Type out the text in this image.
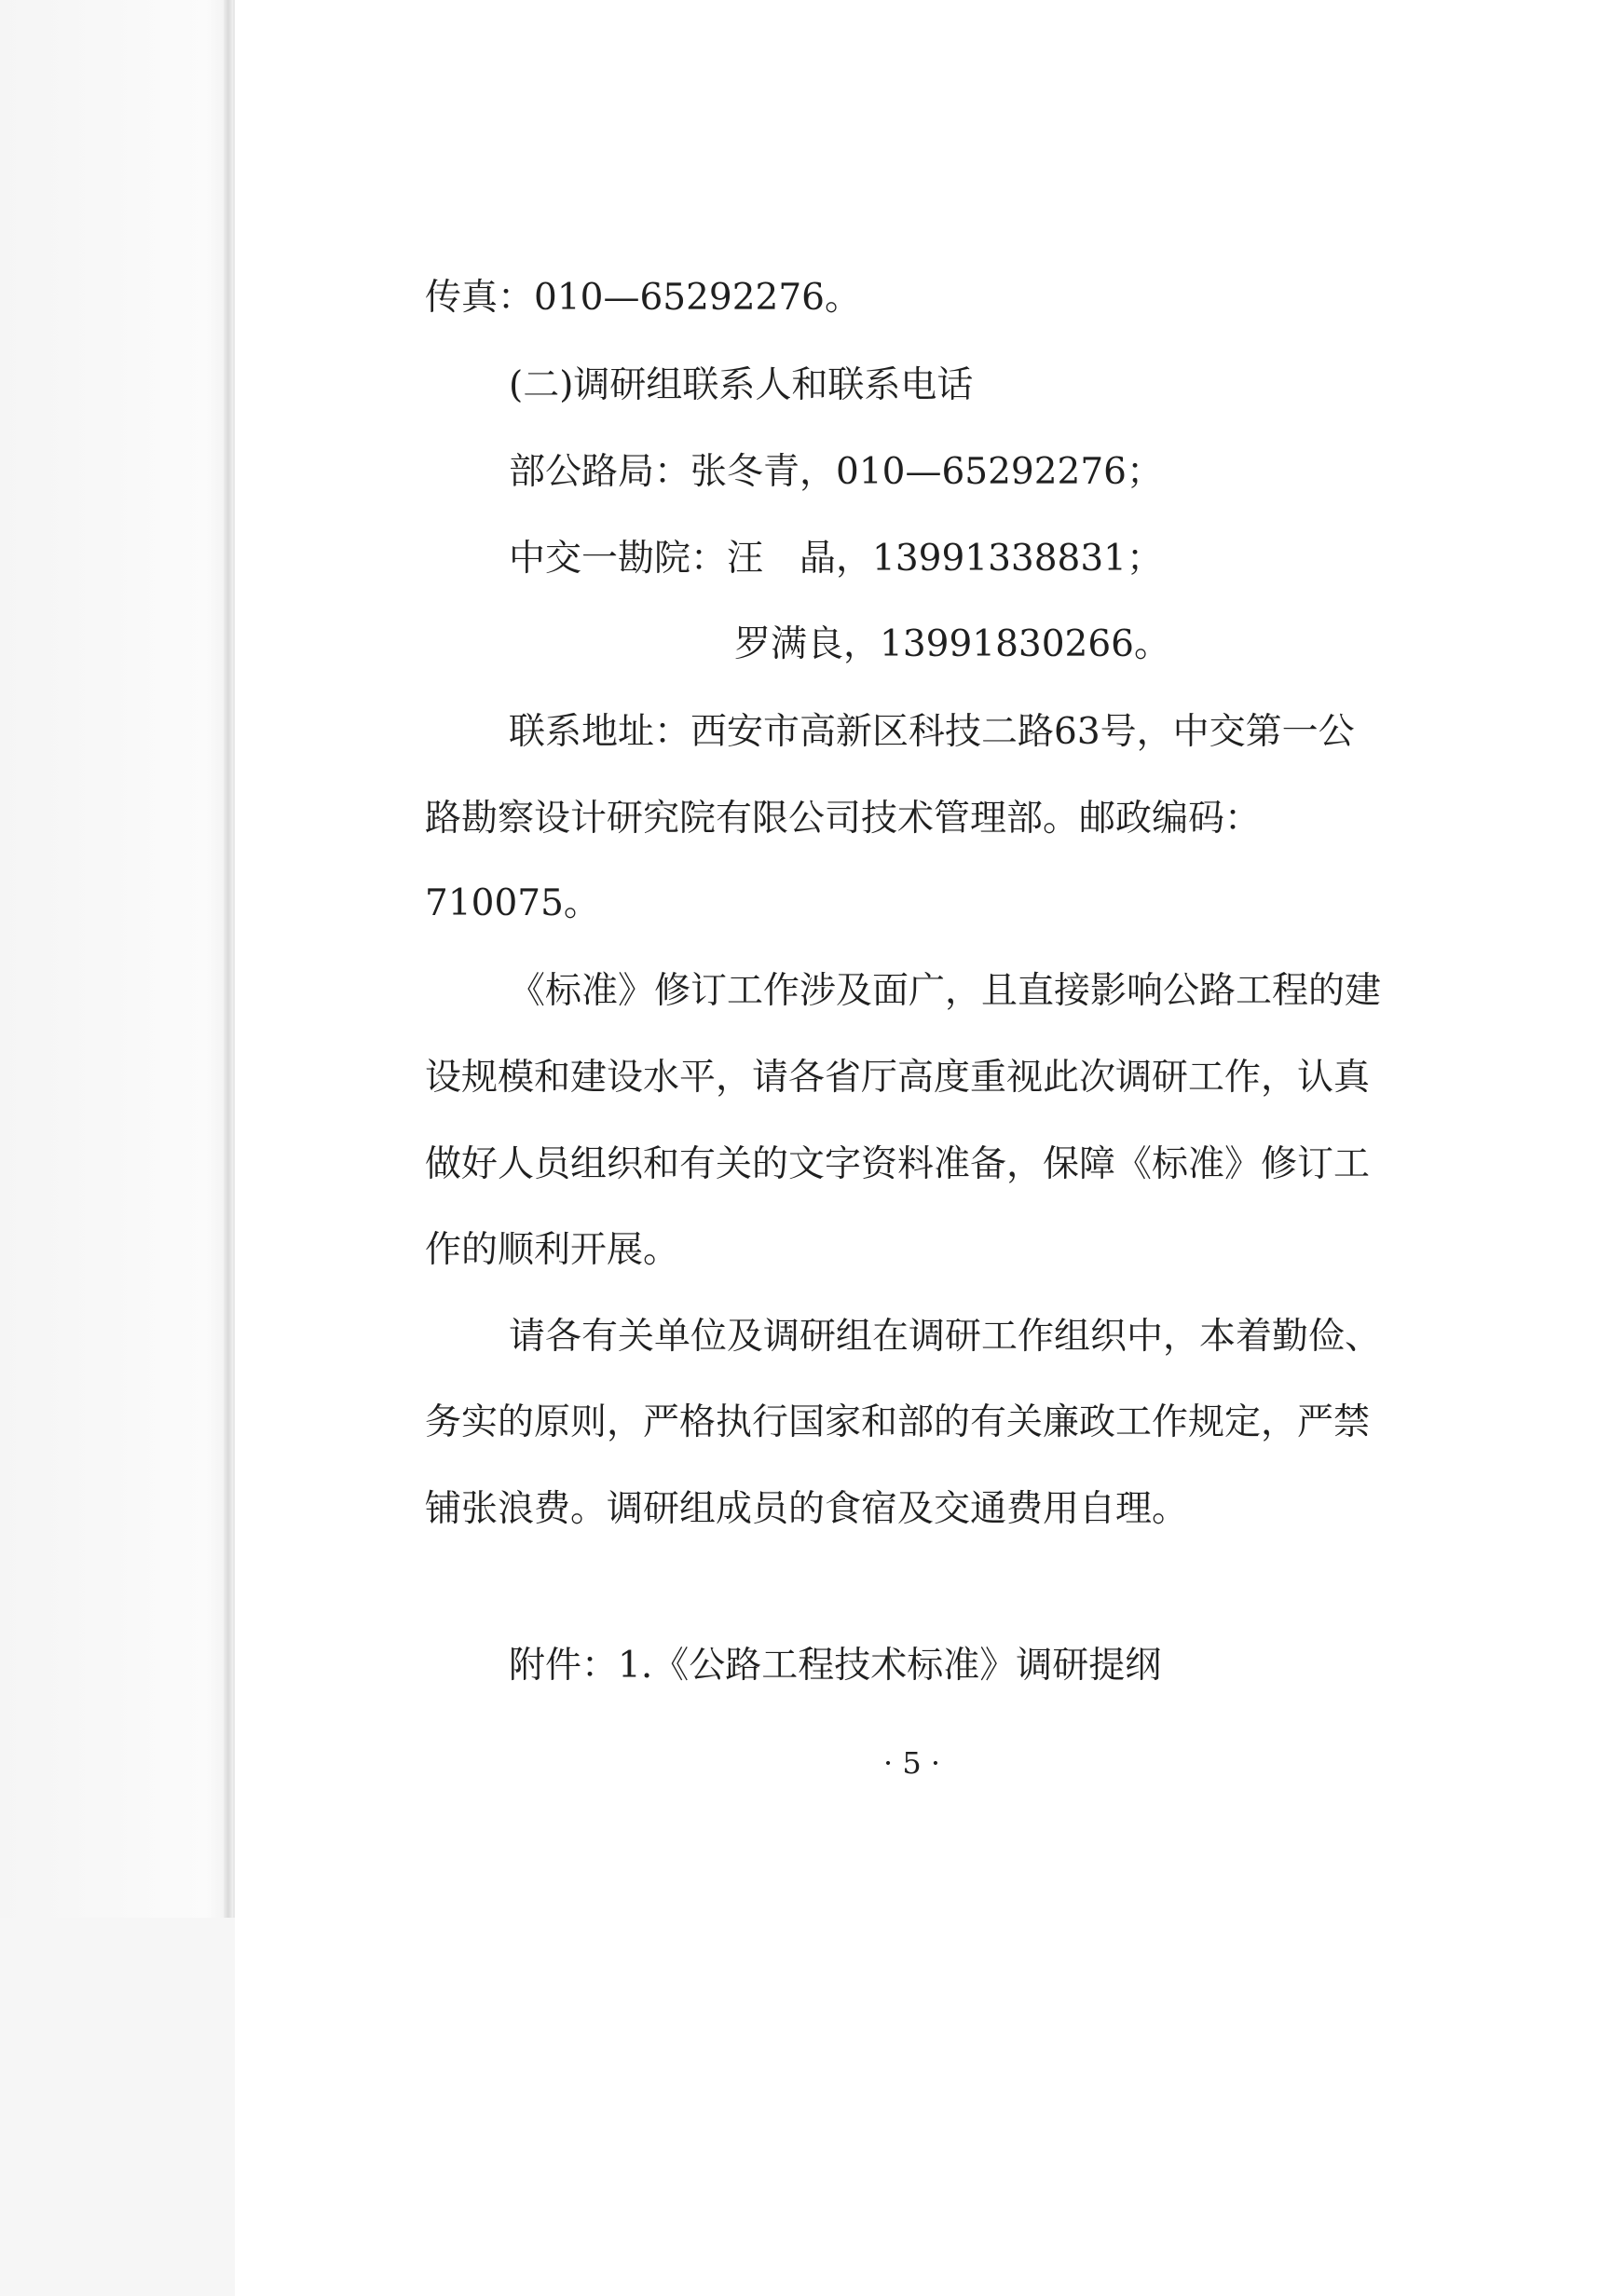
传真：010—65292276。
(二)调研组联系人和联系电话
部公路局：张冬青，010—65292276；
中交一勘院：汪　晶，13991338831；
罗满良，13991830266。
联系地址：西安市高新区科技二路63号，中交第一公
路勘察设计研究院有限公司技术管理部。邮政编码：
710075。
《标准》修订工作涉及面广，且直接影响公路工程的建
设规模和建设水平，请各省厅高度重视此次调研工作，认真
做好人员组织和有关的文字资料准备，保障《标准》修订工
作的顺利开展。
请各有关单位及调研组在调研工作组织中，本着勤俭、
务实的原则，严格执行国家和部的有关廉政工作规定，严禁
铺张浪费。调研组成员的食宿及交通费用自理。
附件：1.《公路工程技术标准》调研提纲
· 5 ·
